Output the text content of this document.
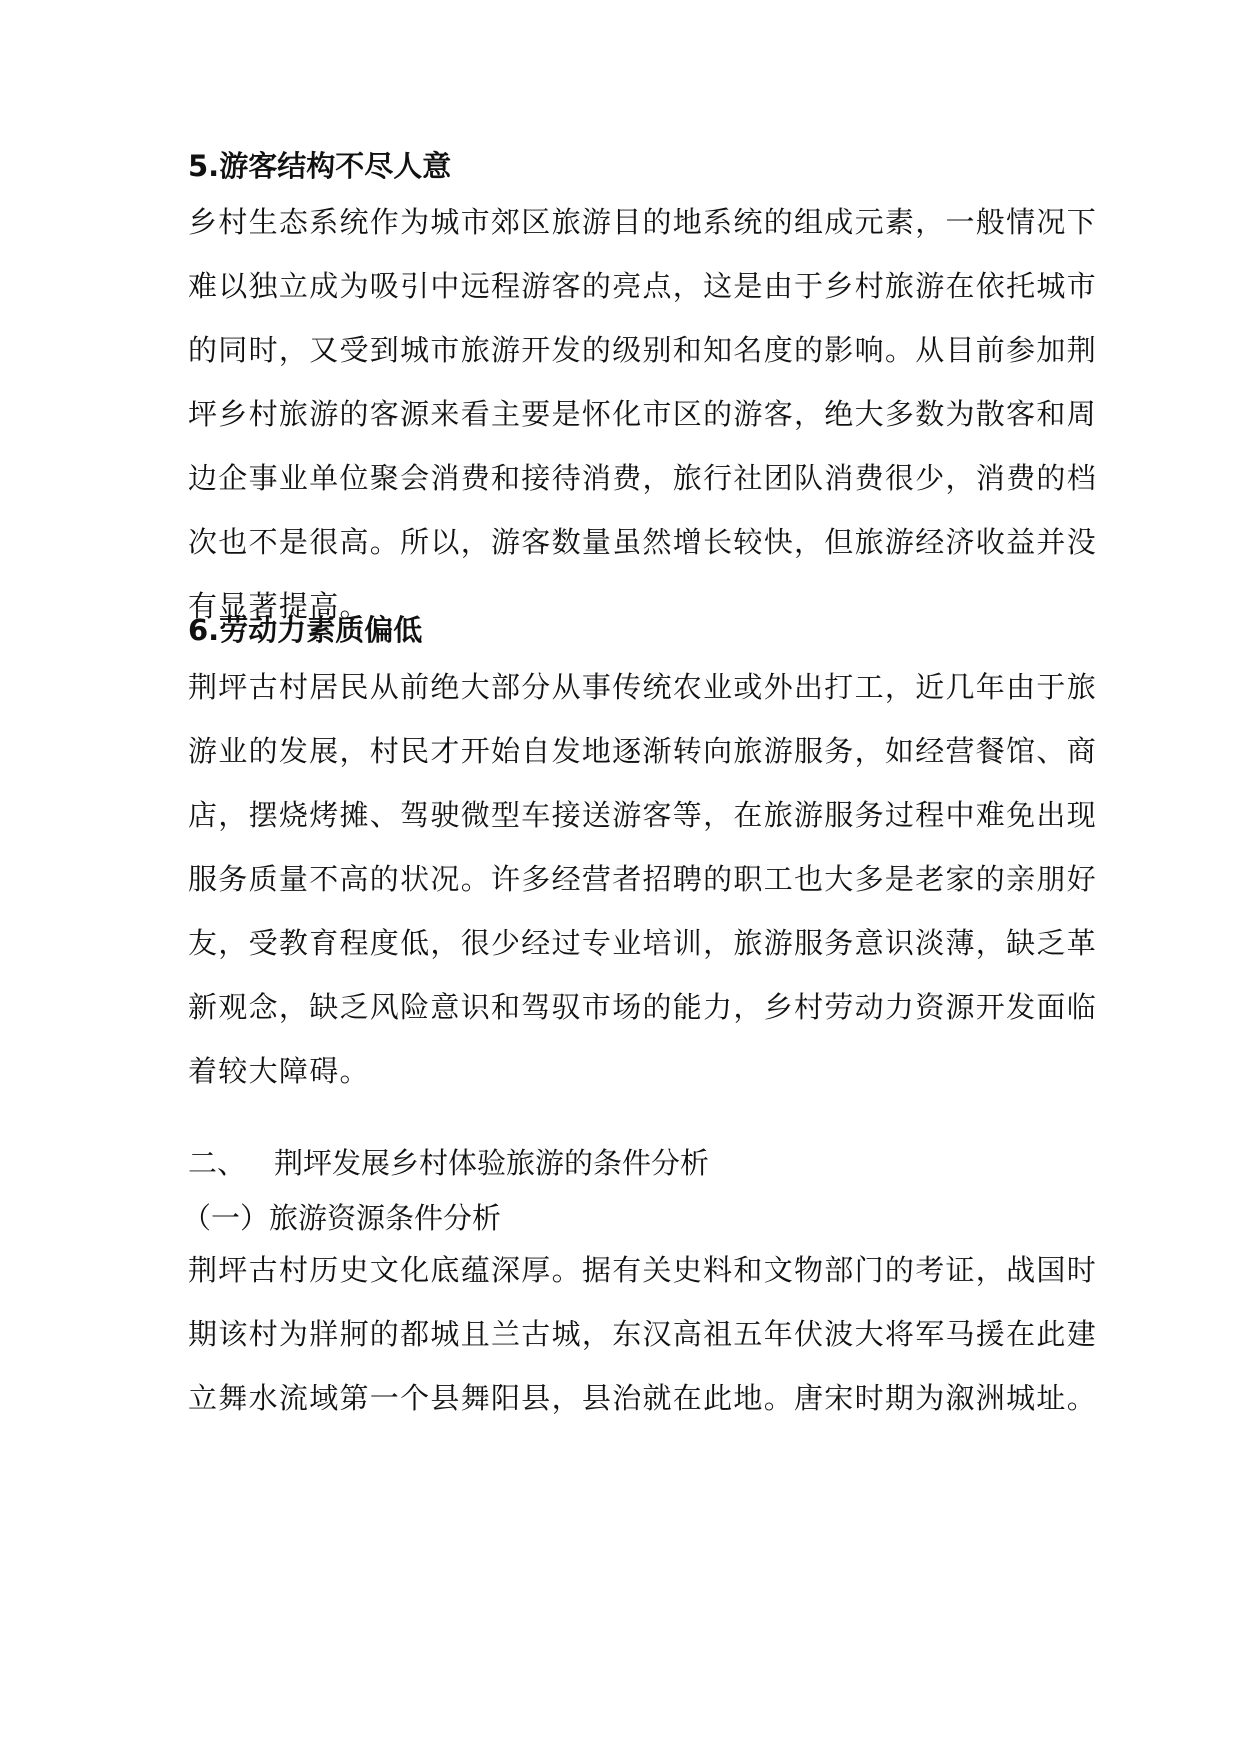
5.游客结构不尽人意
乡村生态系统作为城市郊区旅游目的地系统的组成元素，一般情况下
难以独立成为吸引中远程游客的亮点，这是由于乡村旅游在依托城市
的同时，又受到城市旅游开发的级别和知名度的影响。从目前参加荆
坪乡村旅游的客源来看主要是怀化市区的游客，绝大多数为散客和周
边企事业单位聚会消费和接待消费，旅行社团队消费很少，消费的档
次也不是很高。所以，游客数量虽然增长较快，但旅游经济收益并没
有显著提高。
6.劳动力素质偏低
荆坪古村居民从前绝大部分从事传统农业或外出打工，近几年由于旅
游业的发展，村民才开始自发地逐渐转向旅游服务，如经营餐馆、商
店，摆烧烤摊、驾驶微型车接送游客等，在旅游服务过程中难免出现
服务质量不高的状况。许多经营者招聘的职工也大多是老家的亲朋好
友，受教育程度低，很少经过专业培训，旅游服务意识淡薄，缺乏革
新观念，缺乏风险意识和驾驭市场的能力，乡村劳动力资源开发面临
着较大障碍。
二、 荆坪发展乡村体验旅游的条件分析
（一）旅游资源条件分析
荆坪古村历史文化底蕴深厚。据有关史料和文物部门的考证，战国时
期该村为牂牁的都城且兰古城，东汉高祖五年伏波大将军马援在此建
立舞水流域第一个县舞阳县，县治就在此地。唐宋时期为溆洲城址。
